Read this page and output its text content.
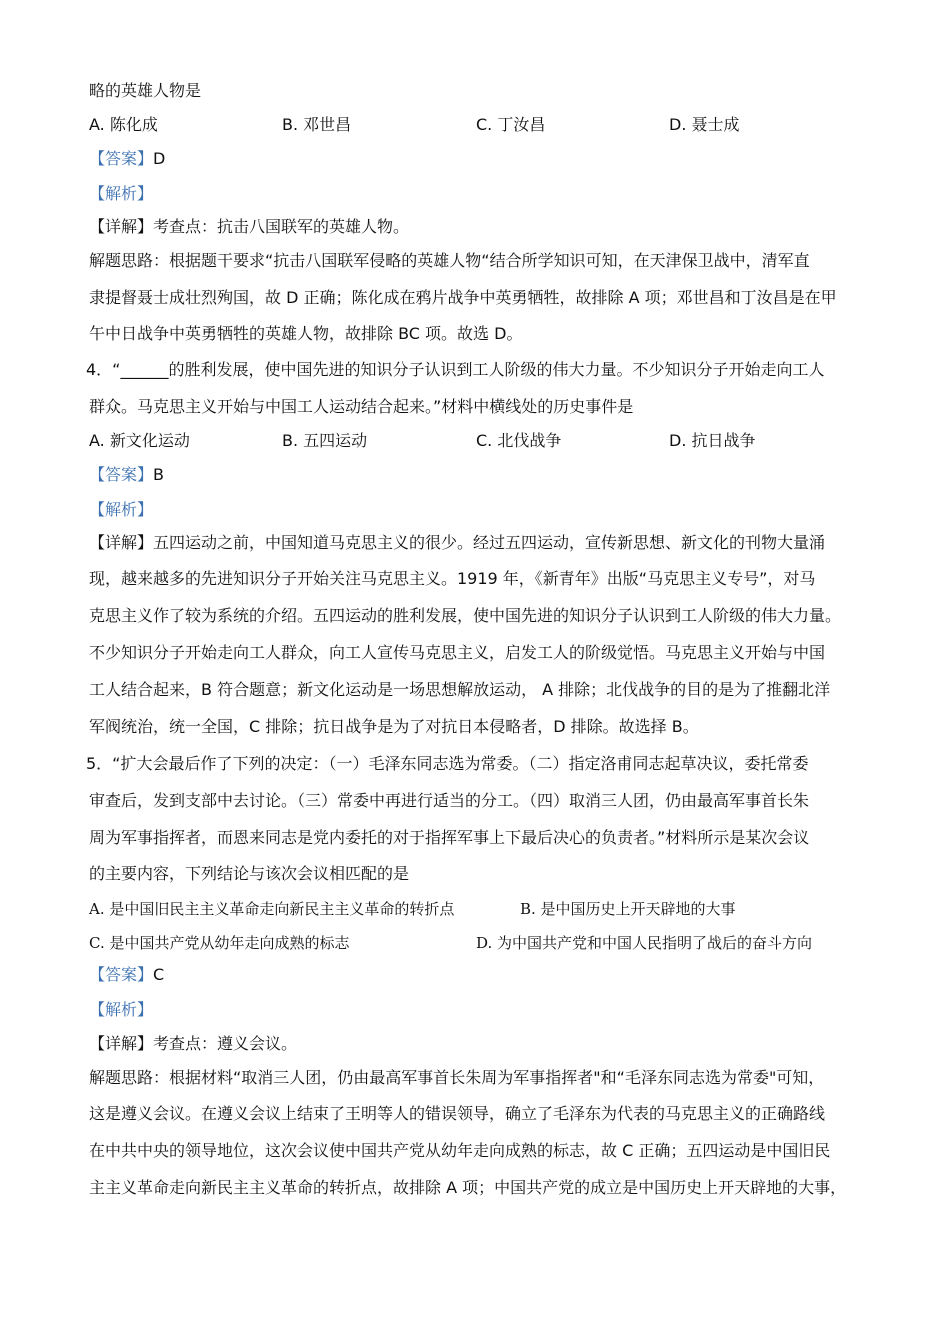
略的英雄人物是
A. 陈化成	B. 邓世昌	C. 丁汝昌	D. 聂士成
【答案】D
【解析】
【详解】考查点：抗击八国联军的英雄人物。
解题思路：根据题干要求“抗击八国联军侵略的英雄人物“结合所学知识可知，在天津保卫战中，清军直
隶提督聂士成壮烈殉国，故 D 正确；陈化成在鸦片战争中英勇牺牲，故排除 A 项；邓世昌和丁汝昌是在甲
午中日战争中英勇牺牲的英雄人物，故排除 BC 项。故选 D。
4．“______的胜利发展，使中国先进的知识分子认识到工人阶级的伟大力量。不少知识分子开始走向工人
群众。马克思主义开始与中国工人运动结合起来。”材料中横线处的历史事件是
A. 新文化运动	B. 五四运动	C. 北伐战争	D. 抗日战争
【答案】B
【解析】
【详解】五四运动之前，中国知道马克思主义的很少。经过五四运动，宣传新思想、新文化的刊物大量涌
现，越来越多的先进知识分子开始关注马克思主义。1919 年，《新青年》出版“马克思主义专号”，对马
克思主义作了较为系统的介绍。五四运动的胜利发展，使中国先进的知识分子认识到工人阶级的伟大力量。
不少知识分子开始走向工人群众，向工人宣传马克思主义，启发工人的阶级觉悟。马克思主义开始与中国
工人结合起来，B 符合题意；新文化运动是一场思想解放运动， A 排除；北伐战争的目的是为了推翻北洋
军阀统治，统一全国，C 排除；抗日战争是为了对抗日本侵略者，D 排除。故选择 B。
5．“扩大会最后作了下列的决定：（一）毛泽东同志选为常委。（二）指定洛甫同志起草决议，委托常委
审查后，发到支部中去讨论。（三）常委中再进行适当的分工。（四）取消三人团，仍由最高军事首长朱
周为军事指挥者，而恩来同志是党内委托的对于指挥军事上下最后决心的负责者。”材料所示是某次会议
的主要内容，下列结论与该次会议相匹配的是
A. 是中国旧民主主义革命走向新民主主义革命的转折点	B. 是中国历史上开天辟地的大事
C. 是中国共产党从幼年走向成熟的标志	D. 为中国共产党和中国人民指明了战后的奋斗方向
【答案】C
【解析】
【详解】考查点：遵义会议。
解题思路：根据材料“取消三人团，仍由最高军事首长朱周为军事指挥者"和“毛泽东同志选为常委"可知，
这是遵义会议。在遵义会议上结束了王明等人的错误领导，确立了毛泽东为代表的马克思主义的正确路线
在中共中央的领导地位，这次会议使中国共产党从幼年走向成熟的标志，故 C 正确；五四运动是中国旧民
主主义革命走向新民主主义革命的转折点，故排除 A 项；中国共产党的成立是中国历史上开天辟地的大事，
